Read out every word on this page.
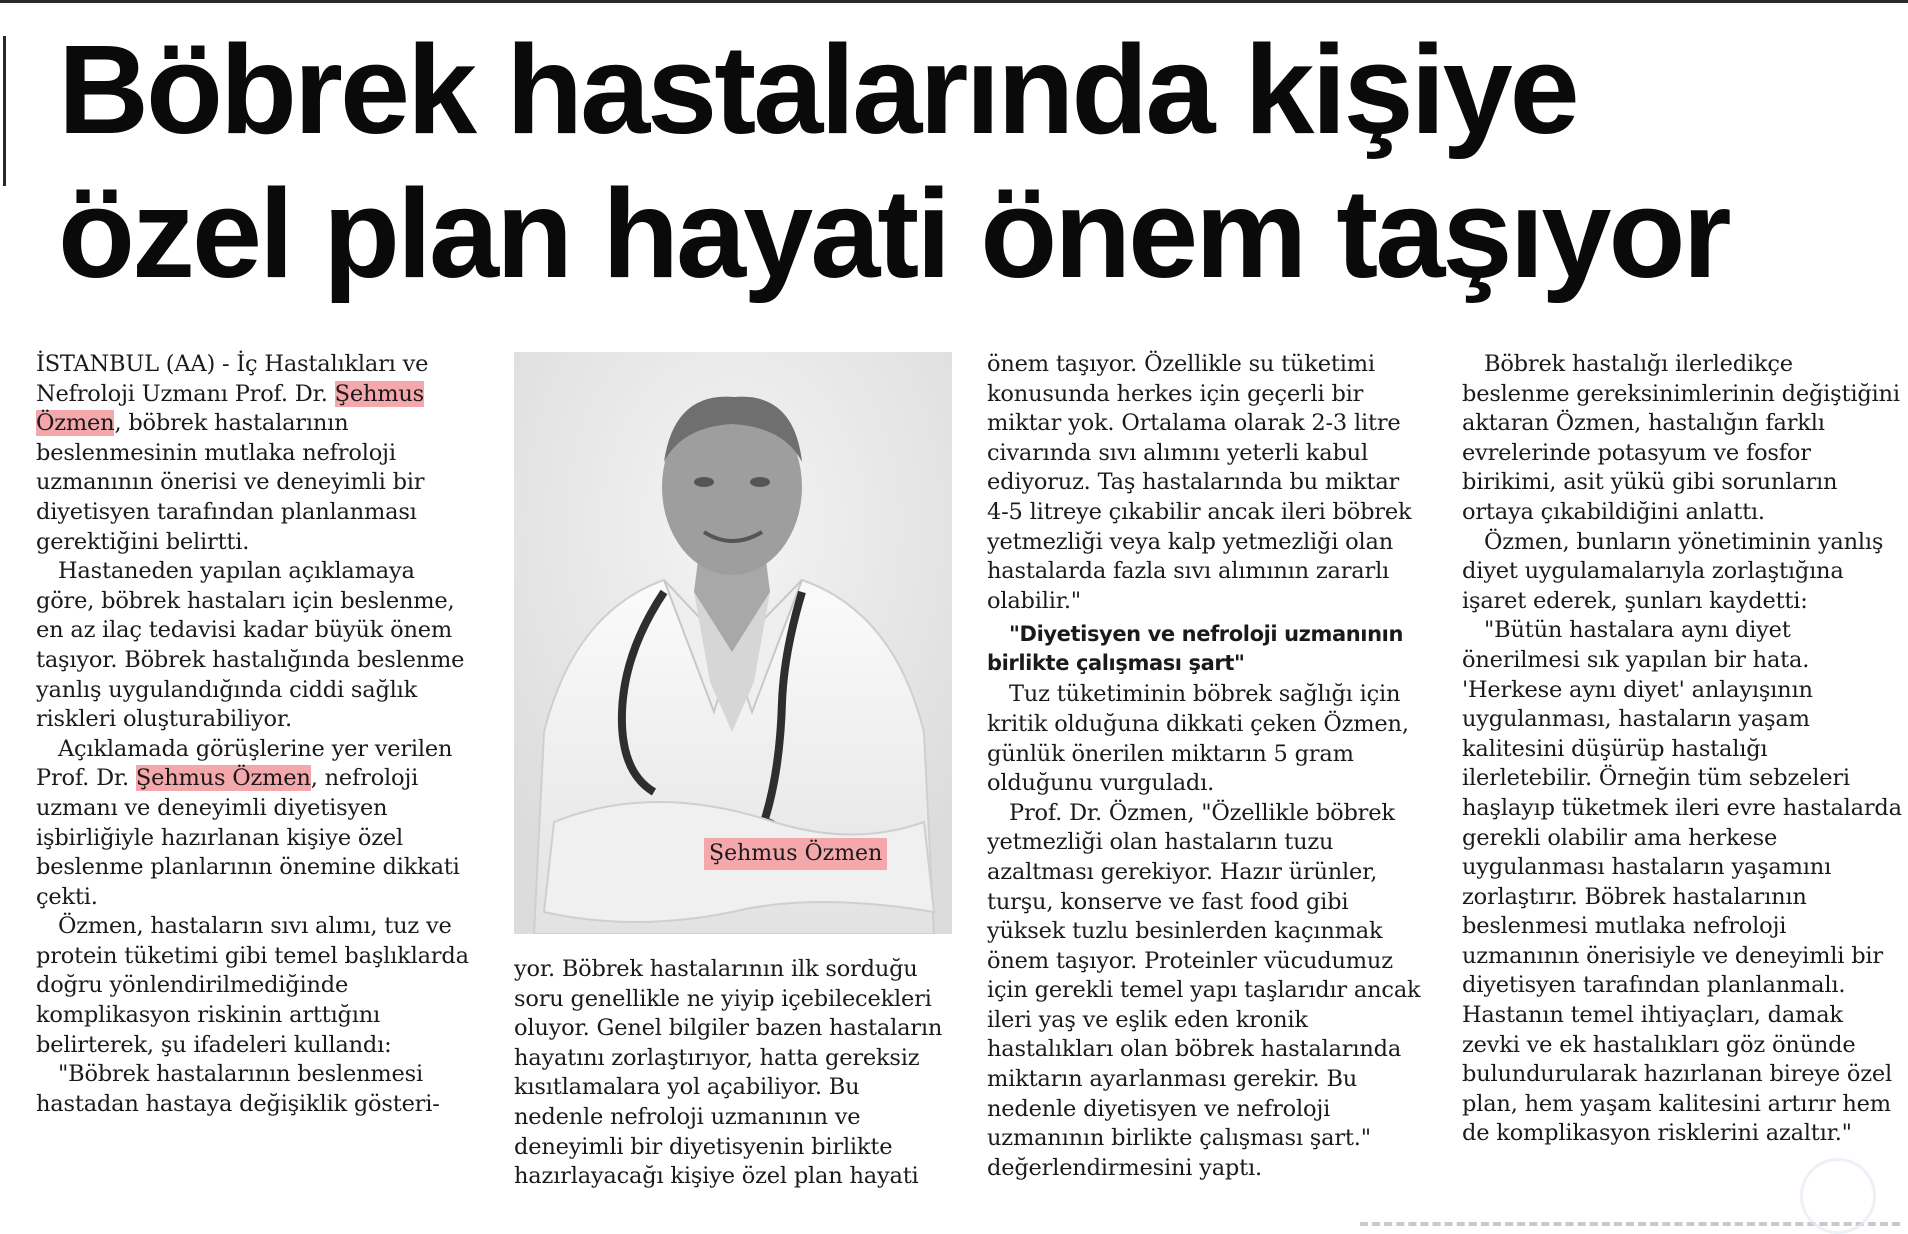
Böbrek hastalarında kişiye
özel plan hayati önem taşıyor

İSTANBUL (AA) - İç Hastalıkları ve Nefroloji Uzmanı Prof. Dr. Şehmus Özmen, böbrek hastalarının beslenmesinin mutlaka nefroloji uzmanının önerisi ve deneyimli bir diyetisyen tarafından planlanması gerektiğini belirtti.

Hastaneden yapılan açıklamaya göre, böbrek hastaları için beslenme, en az ilaç tedavisi kadar büyük önem taşıyor. Böbrek hastalığında beslenme yanlış uygulandığında ciddi sağlık riskleri oluşturabiliyor.

Açıklamada görüşlerine yer verilen Prof. Dr. Şehmus Özmen, nefroloji uzmanı ve deneyimli diyetisyen işbirliğiyle hazırlanan kişiye özel beslenme planlarının önemine dikkati çekti.

Özmen, hastaların sıvı alımı, tuz ve protein tüketimi gibi temel başlıklarda doğru yönlendirilmediğinde komplikasyon riskinin arttığını belirterek, şu ifadeleri kullandı:

"Böbrek hastalarının beslenmesi hastadan hastaya değişiklik gösteri-

Şehmus Özmen

yor. Böbrek hastalarının ilk sorduğu soru genellikle ne yiyip içebilecekleri oluyor. Genel bilgiler bazen hastaların hayatını zorlaştırıyor, hatta gereksiz kısıtlamalara yol açabiliyor. Bu nedenle nefroloji uzmanının ve deneyimli bir diyetisyenin birlikte hazırlayacağı kişiye özel plan hayati

önem taşıyor. Özellikle su tüketimi konusunda herkes için geçerli bir miktar yok. Ortalama olarak 2-3 litre civarında sıvı alımını yeterli kabul ediyoruz. Taş hastalarında bu miktar 4-5 litreye çıkabilir ancak ileri böbrek yetmezliği veya kalp yetmezliği olan hastalarda fazla sıvı alımının zararlı olabilir."

"Diyetisyen ve nefroloji uzmanının birlikte çalışması şart"

Tuz tüketiminin böbrek sağlığı için kritik olduğuna dikkati çeken Özmen, günlük önerilen miktarın 5 gram olduğunu vurguladı.

Prof. Dr. Özmen, "Özellikle böbrek yetmezliği olan hastaların tuzu azaltması gerekiyor. Hazır ürünler, turşu, konserve ve fast food gibi yüksek tuzlu besinlerden kaçınmak önem taşıyor. Proteinler vücudumuz için gerekli temel yapı taşlarıdır ancak ileri yaş ve eşlik eden kronik hastalıkları olan böbrek hastalarında miktarın ayarlanması gerekir. Bu nedenle diyetisyen ve nefroloji uzmanının birlikte çalışması şart." değerlendirmesini yaptı.

Böbrek hastalığı ilerledikçe beslenme gereksinimlerinin değiştiğini aktaran Özmen, hastalığın farklı evrelerinde potasyum ve fosfor birikimi, asit yükü gibi sorunların ortaya çıkabildiğini anlattı.

Özmen, bunların yönetiminin yanlış diyet uygulamalarıyla zorlaştığına işaret ederek, şunları kaydetti:

"Bütün hastalara aynı diyet önerilmesi sık yapılan bir hata. 'Herkese aynı diyet' anlayışının uygulanması, hastaların yaşam kalitesini düşürüp hastalığı ilerletebilir. Örneğin tüm sebzeleri haşlayıp tüketmek ileri evre hastalarda gerekli olabilir ama herkese uygulanması hastaların yaşamını zorlaştırır. Böbrek hastalarının beslenmesi mutlaka nefroloji uzmanının önerisiyle ve deneyimli bir diyetisyen tarafından planlanmalı. Hastanın temel ihtiyaçları, damak zevki ve ek hastalıkları göz önünde bulundurularak hazırlanan bireye özel plan, hem yaşam kalitesini artırır hem de komplikasyon risklerini azaltır."
